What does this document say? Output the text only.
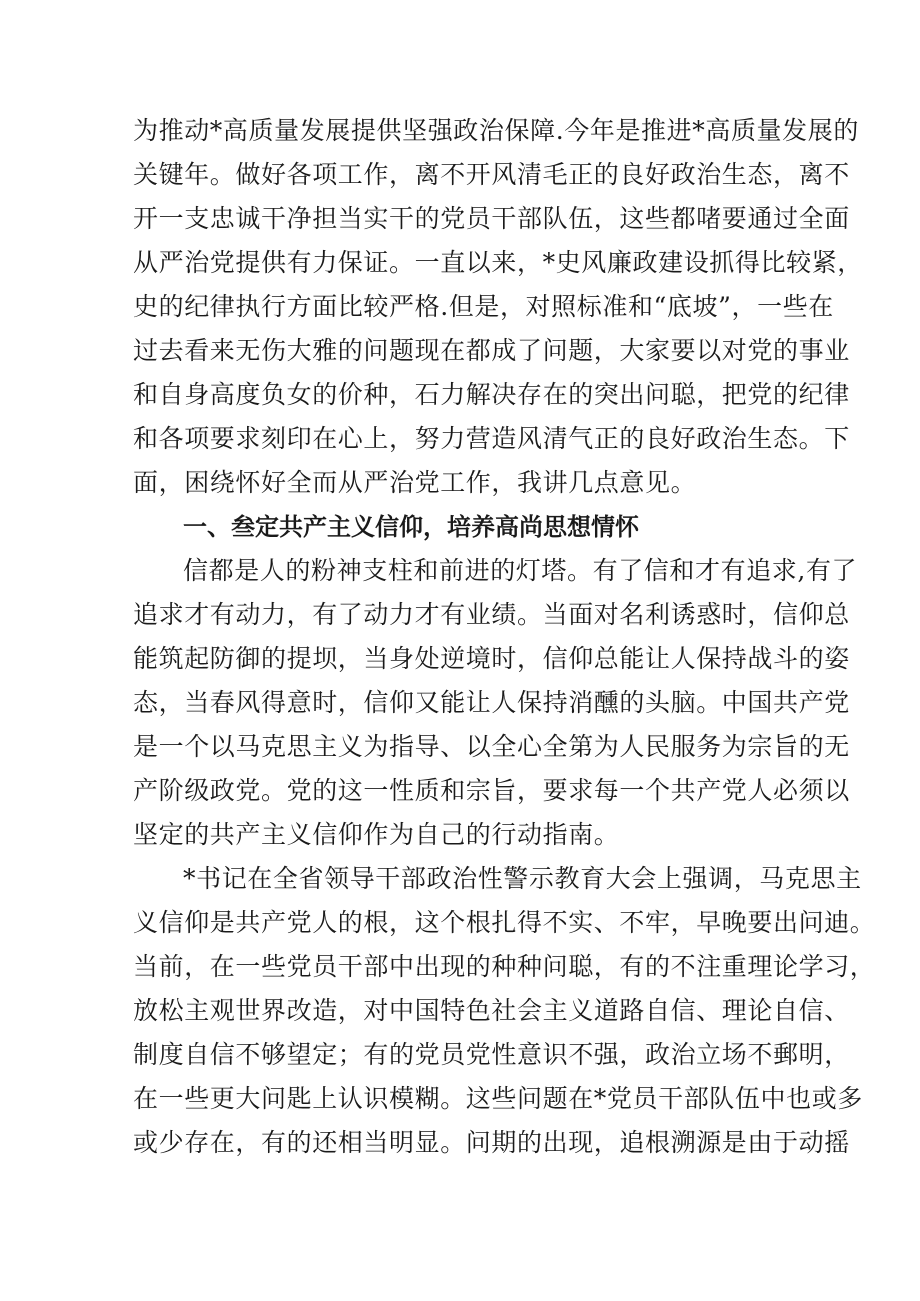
为推动*高质量发展提供坚强政治保障.今年是推进*高质量发展的
关键年。做好各项工作，离不开风清毛正的良好政治生态，离不
开一支忠诚干净担当实干的党员干部队伍，这些都啫要通过全面
从严治党提供有力保证。一直以来，*史风廉政建设抓得比较紧，
史的纪律执行方面比较严格.但是，对照标准和“底坡”，一些在
过去看来无伤大雅的问题现在都成了问题，大家要以对党的事业
和自身高度负女的价种，石力解决存在的突出问聪，把党的纪律
和各项要求刻印在心上，努力营造风清气正的良好政治生态。下
面，困绕怀好全而从严治党工作，我讲几点意见。
一、叁定共产主义信仰，培养高尚思想情怀
信都是人的粉神支柱和前进的灯塔。有了信和才有追求,有了
追求才有动力，有了动力才有业绩。当面对名利诱惑时，信仰总
能筑起防御的提坝，当身处逆境时，信仰总能让人保持战斗的姿
态，当春风得意时，信仰又能让人保持消醺的头脑。中国共产党
是一个以马克思主义为指导、以全心全第为人民服务为宗旨的无
产阶级政党。党的这一性质和宗旨，要求每一个共产党人必须以
坚定的共产主义信仰作为自己的行动指南。
*书记在全省领导干部政治性警示教育大会上强调，马克思主
义信仰是共产党人的根，这个根扎得不实、不牢，早晚要出问迪。
当前，在一些党员干部中出现的种种问聪，有的不注重理论学习，
放松主观世界改造，对中国特色社会主义道路自信、理论自信、
制度自信不够望定；有的党员党性意识不强，政治立场不郵明，
在一些更大问匙上认识模糊。这些问题在*党员干部队伍中也或多
或少存在，有的还相当明显。问期的出现，追根溯源是由于动摇
